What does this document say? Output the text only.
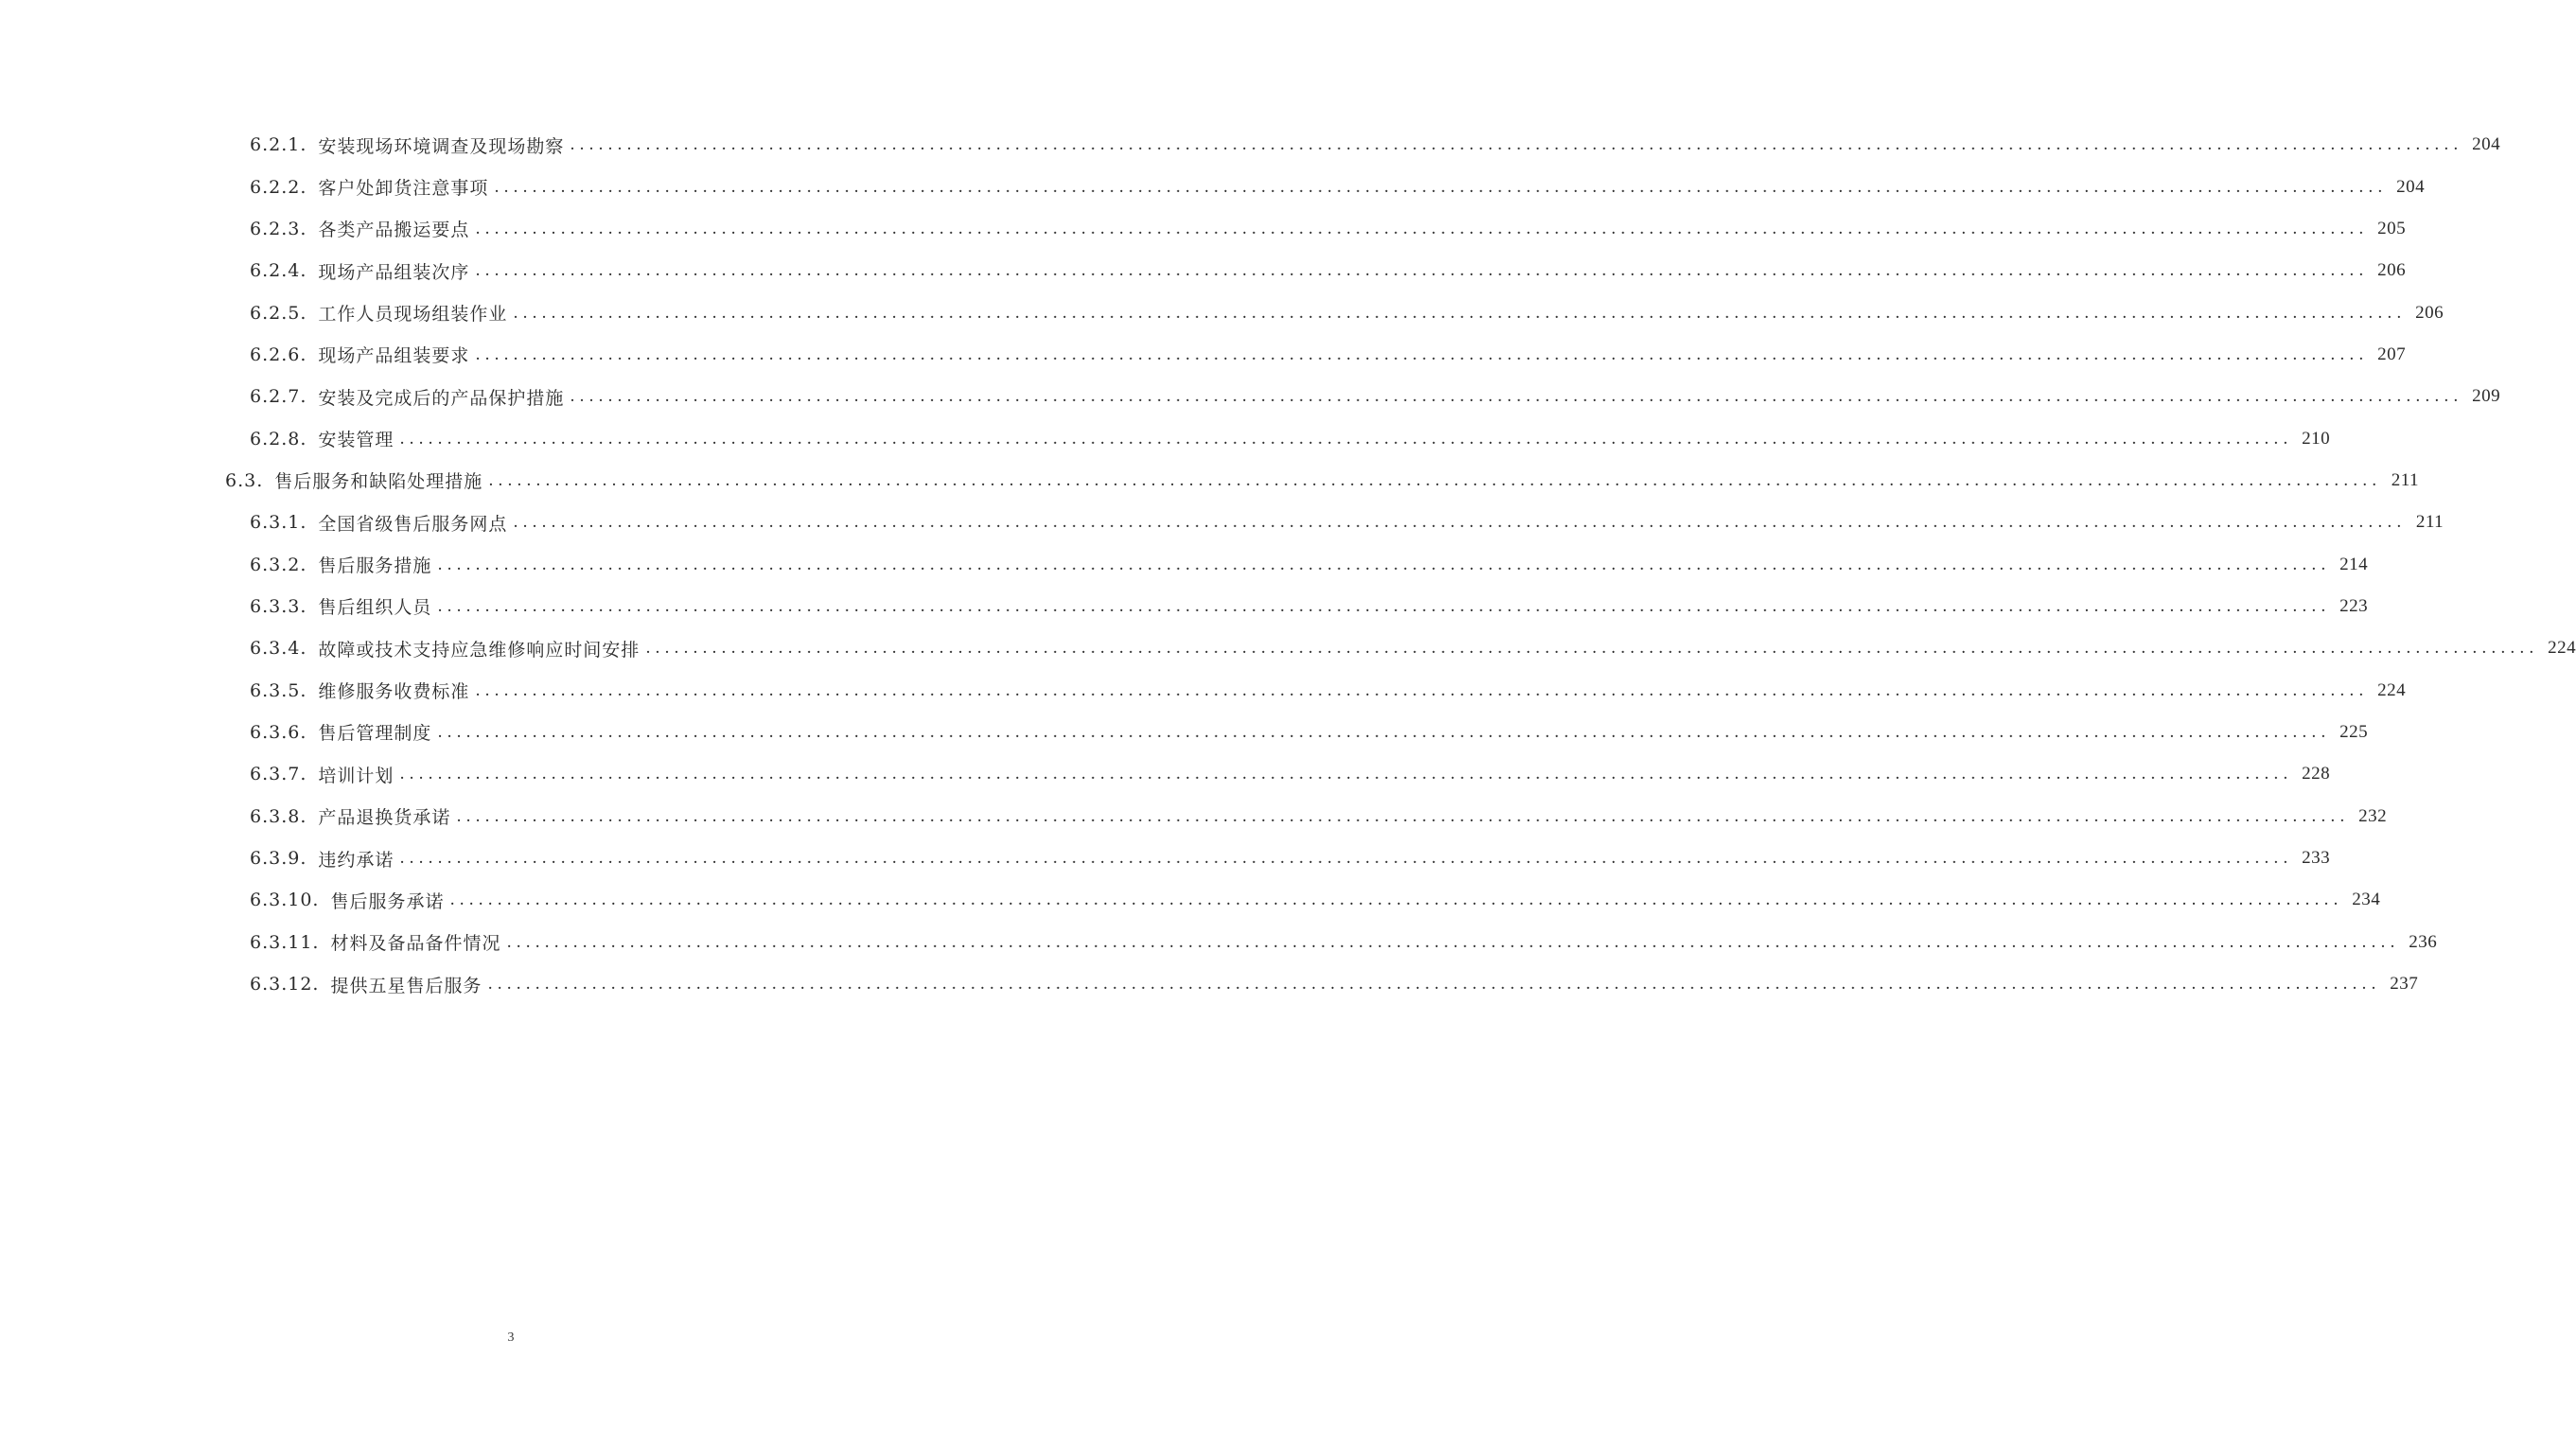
6.2.1. 安装现场环境调查及现场勘察 ........................................................................................................................................................................................................ 204
6.2.2. 客户处卸货注意事项 ........................................................................................................................................................................................................ 204
6.2.3. 各类产品搬运要点 ........................................................................................................................................................................................................ 205
6.2.4. 现场产品组装次序 ........................................................................................................................................................................................................ 206
6.2.5. 工作人员现场组装作业 ........................................................................................................................................................................................................ 206
6.2.6. 现场产品组装要求 ........................................................................................................................................................................................................ 207
6.2.7. 安装及完成后的产品保护措施 ........................................................................................................................................................................................................ 209
6.2.8. 安装管理 ........................................................................................................................................................................................................ 210
6.3. 售后服务和缺陷处理措施 ........................................................................................................................................................................................................ 211
6.3.1. 全国省级售后服务网点 ........................................................................................................................................................................................................ 211
6.3.2. 售后服务措施 ........................................................................................................................................................................................................ 214
6.3.3. 售后组织人员 ........................................................................................................................................................................................................ 223
6.3.4. 故障或技术支持应急维修响应时间安排 ........................................................................................................................................................................................................ 224
6.3.5. 维修服务收费标准 ........................................................................................................................................................................................................ 224
6.3.6. 售后管理制度 ........................................................................................................................................................................................................ 225
6.3.7. 培训计划 ........................................................................................................................................................................................................ 228
6.3.8. 产品退换货承诺 ........................................................................................................................................................................................................ 232
6.3.9. 违约承诺 ........................................................................................................................................................................................................ 233
6.3.10. 售后服务承诺 ........................................................................................................................................................................................................ 234
6.3.11. 材料及备品备件情况 ........................................................................................................................................................................................................ 236
6.3.12. 提供五星售后服务 ........................................................................................................................................................................................................ 237
3
